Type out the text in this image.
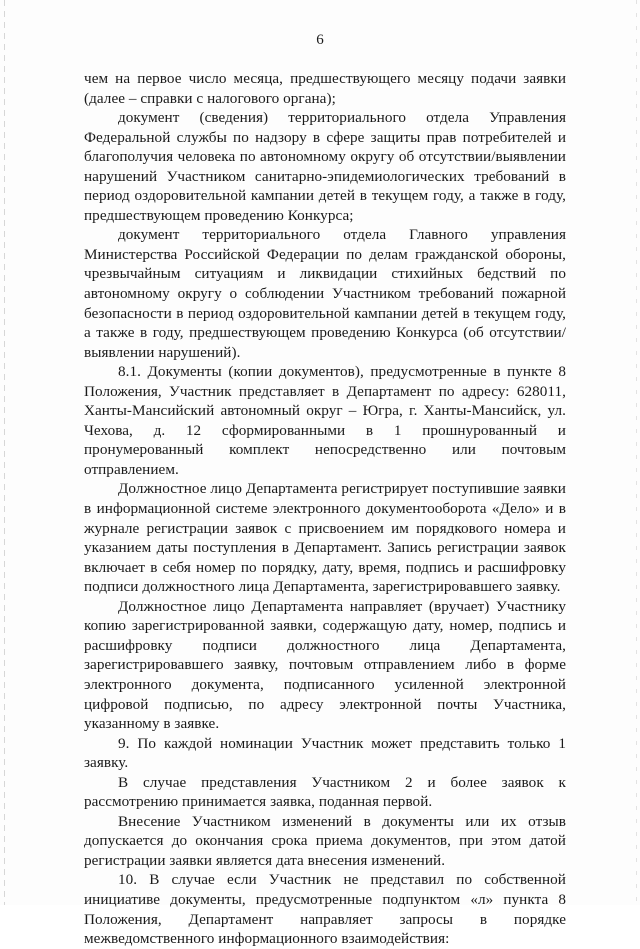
6

чем на первое число месяца, предшествующего месяцу подачи заявки (далее – справки с налогового органа);

документ (сведения) территориального отдела Управления Федеральной службы по надзору в сфере защиты прав потребителей и благополучия человека по автономному округу об отсутствии/выявлении нарушений Участником санитарно-эпидемиологических требований в период оздоровительной кампании детей в текущем году, а также в году, предшествующем проведению Конкурса;

документ территориального отдела Главного управления Министерства Российской Федерации по делам гражданской обороны, чрезвычайным ситуациям и ликвидации стихийных бедствий по автономному округу о соблюдении Участником требований пожарной безопасности в период оздоровительной кампании детей в текущем году, а также в году, предшествующем проведению Конкурса (об отсутствии/выявлении нарушений).

8.1. Документы (копии документов), предусмотренные в пункте 8 Положения, Участник представляет в Департамент по адресу: 628011, Ханты-Мансийский автономный округ – Югра, г. Ханты-Мансийск, ул. Чехова, д. 12 сформированными в 1 прошнурованный и пронумерованный комплект непосредственно или почтовым отправлением.

Должностное лицо Департамента регистрирует поступившие заявки в информационной системе электронного документооборота «Дело» и в журнале регистрации заявок с присвоением им порядкового номера и указанием даты поступления в Департамент. Запись регистрации заявок включает в себя номер по порядку, дату, время, подпись и расшифровку подписи должностного лица Департамента, зарегистрировавшего заявку.

Должностное лицо Департамента направляет (вручает) Участнику копию зарегистрированной заявки, содержащую дату, номер, подпись и расшифровку подписи должностного лица Департамента, зарегистрировавшего заявку, почтовым отправлением либо в форме электронного документа, подписанного усиленной электронной цифровой подписью, по адресу электронной почты Участника, указанному в заявке.

9. По каждой номинации Участник может представить только 1 заявку.

В случае представления Участником 2 и более заявок к рассмотрению принимается заявка, поданная первой.

Внесение Участником изменений в документы или их отзыв допускается до окончания срока приема документов, при этом датой регистрации заявки является дата внесения изменений.

10. В случае если Участник не представил по собственной инициативе документы, предусмотренные подпунктом «л» пункта 8 Положения, Департамент направляет запросы в порядке межведомственного информационного взаимодействия:
